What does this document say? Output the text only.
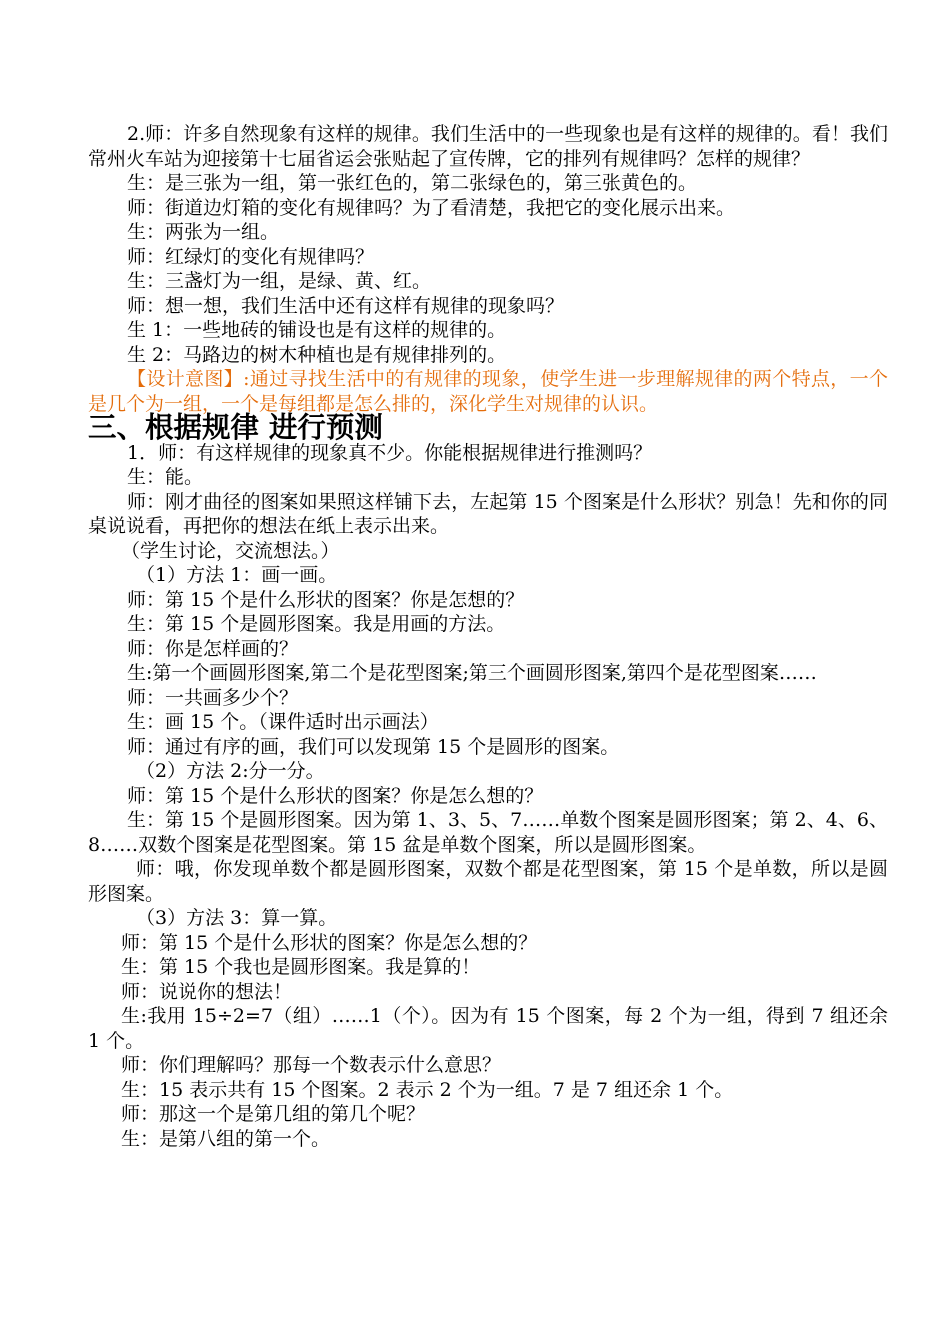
2.师：许多自然现象有这样的规律。我们生活中的一些现象也是有这样的规律的。看！我们常州火车站为迎接第十七届省运会张贴起了宣传牌，它的排列有规律吗？怎样的规律？

生：是三张为一组，第一张红色的，第二张绿色的，第三张黄色的。

师：街道边灯箱的变化有规律吗？为了看清楚，我把它的变化展示出来。

生：两张为一组。

师：红绿灯的变化有规律吗？

生：三盏灯为一组，是绿、黄、红。

师：想一想，我们生活中还有这样有规律的现象吗？

生 1：一些地砖的铺设也是有这样的规律的。

生 2：马路边的树木种植也是有规律排列的。

【设计意图】:通过寻找生活中的有规律的现象，使学生进一步理解规律的两个特点，一个是几个为一组，一个是每组都是怎么排的，深化学生对规律的认识。

三、根据规律 进行预测

1．师：有这样规律的现象真不少。你能根据规律进行推测吗？

生：能。

师：刚才曲径的图案如果照这样铺下去，左起第 15 个图案是什么形状？别急！先和你的同桌说说看，再把你的想法在纸上表示出来。

（学生讨论，交流想法。）

（1）方法 1：画一画。

师：第 15 个是什么形状的图案？你是怎想的？

生：第 15 个是圆形图案。我是用画的方法。

师：你是怎样画的？

生:第一个画圆形图案,第二个是花型图案;第三个画圆形图案,第四个是花型图案……

师：一共画多少个？

生：画 15 个。（课件适时出示画法）

师：通过有序的画，我们可以发现第 15 个是圆形的图案。

（2）方法 2:分一分。

师：第 15 个是什么形状的图案？你是怎么想的？

生：第 15 个是圆形图案。因为第 1、3、5、7……单数个图案是圆形图案；第 2、4、6、8……双数个图案是花型图案。第 15 盆是单数个图案，所以是圆形图案。

师：哦，你发现单数个都是圆形图案，双数个都是花型图案，第 15 个是单数，所以是圆形图案。

（3）方法 3：算一算。

师：第 15 个是什么形状的图案？你是怎么想的？

生：第 15 个我也是圆形图案。我是算的！

师：说说你的想法！

生:我用 15÷2=7（组）……1（个）。因为有 15 个图案，每 2 个为一组，得到 7 组还余 1 个。

师：你们理解吗？那每一个数表示什么意思？

生：15 表示共有 15 个图案。2 表示 2 个为一组。7 是 7 组还余 1 个。

师：那这一个是第几组的第几个呢？

生：是第八组的第一个。
